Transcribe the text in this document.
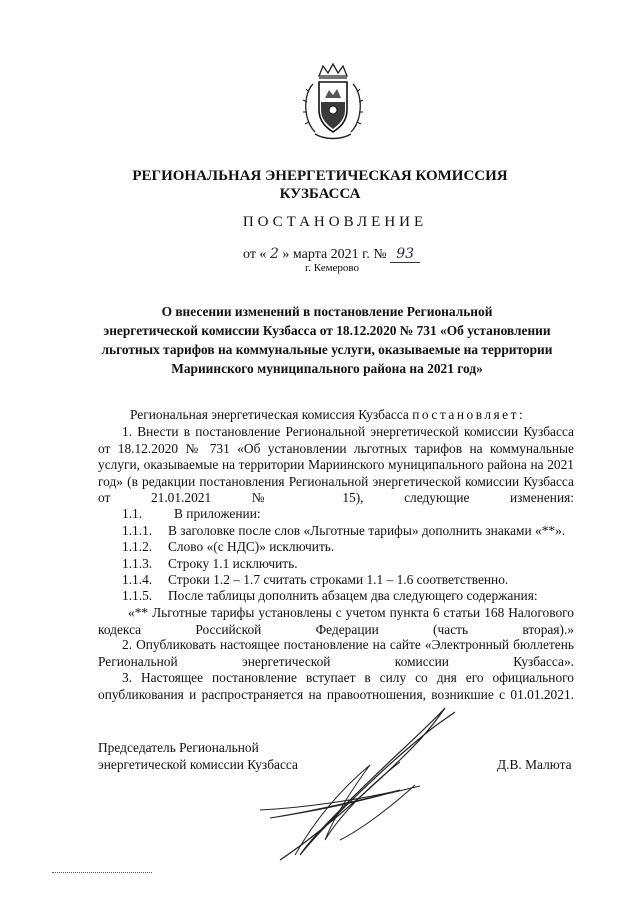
РЕГИОНАЛЬНАЯ ЭНЕРГЕТИЧЕСКАЯ КОМИССИЯ
КУЗБАССА
ПОСТАНОВЛЕНИЕ
от « 2 » марта 2021 г. № 93
г. Кемерово
О внесении изменений в постановление Региональной
энергетической комиссии Кузбасса от 18.12.2020 № 731 «Об установлении
льготных тарифов на коммунальные услуги, оказываемые на территории
Мариинского муниципального района на 2021 год»
Региональная энергетическая комиссия Кузбасса постановляет:
1. Внести в постановление Региональной энергетической комиссии Кузбасса от 18.12.2020 № 731 «Об установлении льготных тарифов на коммунальные услуги, оказываемые на территории Мариинского муниципального района на 2021 год» (в редакции постановления Региональной энергетической комиссии Кузбасса от 21.01.2021 № 15), следующие изменения:
1.1. В приложении:
1.1.1. В заголовке после слов «Льготные тарифы» дополнить знаками «**».
1.1.2. Слово «(с НДС)» исключить.
1.1.3. Строку 1.1 исключить.
1.1.4. Строки 1.2 – 1.7 считать строками 1.1 – 1.6 соответственно.
1.1.5. После таблицы дополнить абзацем два следующего содержания:
«** Льготные тарифы установлены с учетом пункта 6 статьи 168 Налогового кодекса Российской Федерации (часть вторая).»
2. Опубликовать настоящее постановление на сайте «Электронный бюллетень Региональной энергетической комиссии Кузбасса».
3. Настоящее постановление вступает в силу со дня его официального опубликования и распространяется на правоотношения, возникшие с 01.01.2021.
Председатель Региональной
энергетической комиссии Кузбасса	Д.В. Малюта
